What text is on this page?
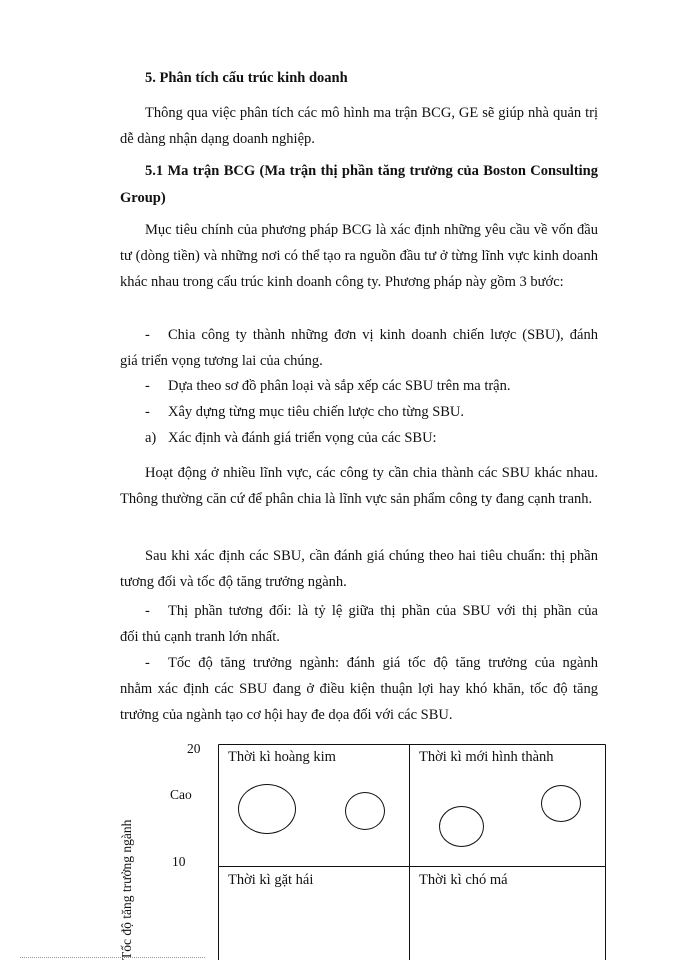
5. Phân tích cấu trúc kinh doanh
Thông qua việc phân tích các mô hình ma trận BCG, GE sẽ giúp nhà quản trị dễ dàng nhận dạng doanh nghiệp.
5.1 Ma trận BCG (Ma trận thị phần tăng trưởng của Boston Consulting Group)
Mục tiêu chính của phương pháp BCG là xác định những yêu cầu về vốn đầu tư (dòng tiền) và những nơi có thể tạo ra nguồn đầu tư ở từng lĩnh vực kinh doanh khác nhau trong cấu trúc kinh doanh công ty. Phương pháp này gồm 3 bước:
- Chia công ty thành những đơn vị kinh doanh chiến lược (SBU), đánh
giá triển vọng tương lai của chúng.
- Dựa theo sơ đồ phân loại và sắp xếp các SBU trên ma trận.
- Xây dựng từng mục tiêu chiến lược cho từng SBU.
a) Xác định và đánh giá triển vọng của các SBU:
Hoạt động ở nhiều lĩnh vực, các công ty cần chia thành các SBU khác nhau. Thông thường căn cứ để phân chia là lĩnh vực sản phẩm công ty đang cạnh tranh.
Sau khi xác định các SBU, cần đánh giá chúng theo hai tiêu chuẩn: thị phần tương đối và tốc độ tăng trưởng ngành.
- Thị phần tương đối: là tỷ lệ giữa thị phần của SBU với thị phần của
đối thủ cạnh tranh lớn nhất.
- Tốc độ tăng trưởng ngành: đánh giá tốc độ tăng trưởng của ngành
nhằm xác định các SBU đang ở điều kiện thuận lợi hay khó khăn, tốc độ tăng
trưởng của ngành tạo cơ hội hay đe dọa đối với các SBU.
20
Cao
10
Tốc độ tăng trưởng ngành
Thời kì hoàng kim	Thời kì mới hình thành
Thời kì gặt hái	Thời kì chó má
